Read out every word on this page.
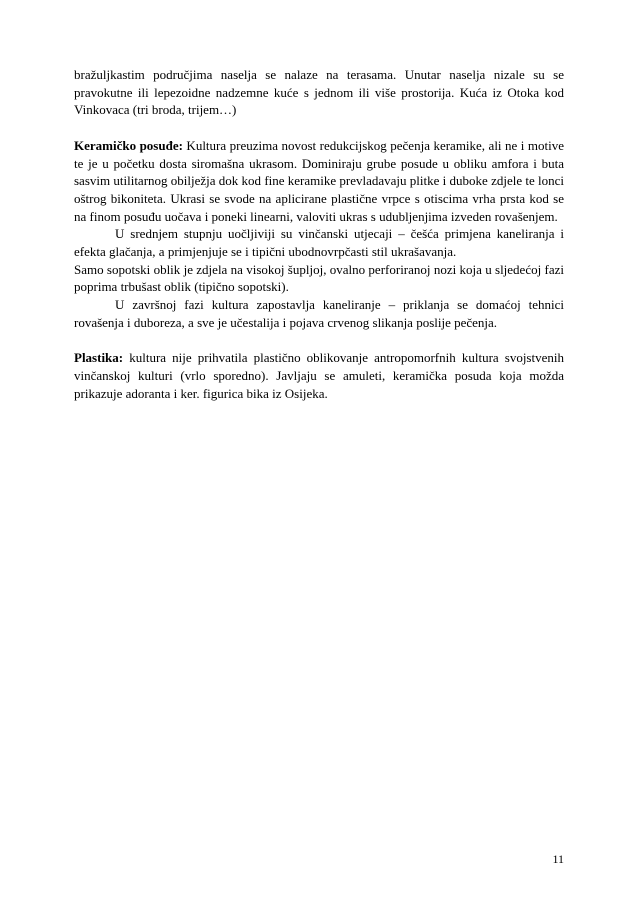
bražuljkastim područjima naselja se nalaze na terasama. Unutar naselja nizale su se pravokutne ili lepezoidne nadzemne kuće s jednom ili više prostorija. Kuća iz Otoka kod Vinkovaca (tri broda, trijem…)

Keramičko posuđe: Kultura preuzima novost redukcijskog pečenja keramike, ali ne i motive te je u početku dosta siromašna ukrasom. Dominiraju grube posude u obliku amfora i buta sasvim utilitarnog obilježja dok kod fine keramike prevladavaju plitke i duboke zdjele te lonci oštrog bikoniteta. Ukrasi se svode na aplicirane plastične vrpce s otiscima vrha prsta kod se na finom posuđu uočava i poneki linearni, valoviti ukras s udubljenjima izveden rovašenjem.

U srednjem stupnju uočljiviji su vinčanski utjecaji – češća primjena kaneliranja i efekta glačanja, a primjenjuje se i tipični ubodnovrpčasti stil ukrašavanja.

Samo sopotski oblik je zdjela na visokoj šupljoj, ovalno perforiranoj nozi koja u sljedećoj fazi poprima trbušast oblik (tipično sopotski).

U završnoj fazi kultura zapostavlja kaneliranje – priklanja se domaćoj tehnici rovašenja i duboreza, a sve je učestalija i pojava crvenog slikanja poslije pečenja.

Plastika: kultura nije prihvatila plastično oblikovanje antropomorfnih kultura svojstvenih vinčanskoj kulturi (vrlo sporedno). Javljaju se amuleti, keramička posuda koja možda prikazuje adoranta i ker. figurica bika iz Osijeka.

11
